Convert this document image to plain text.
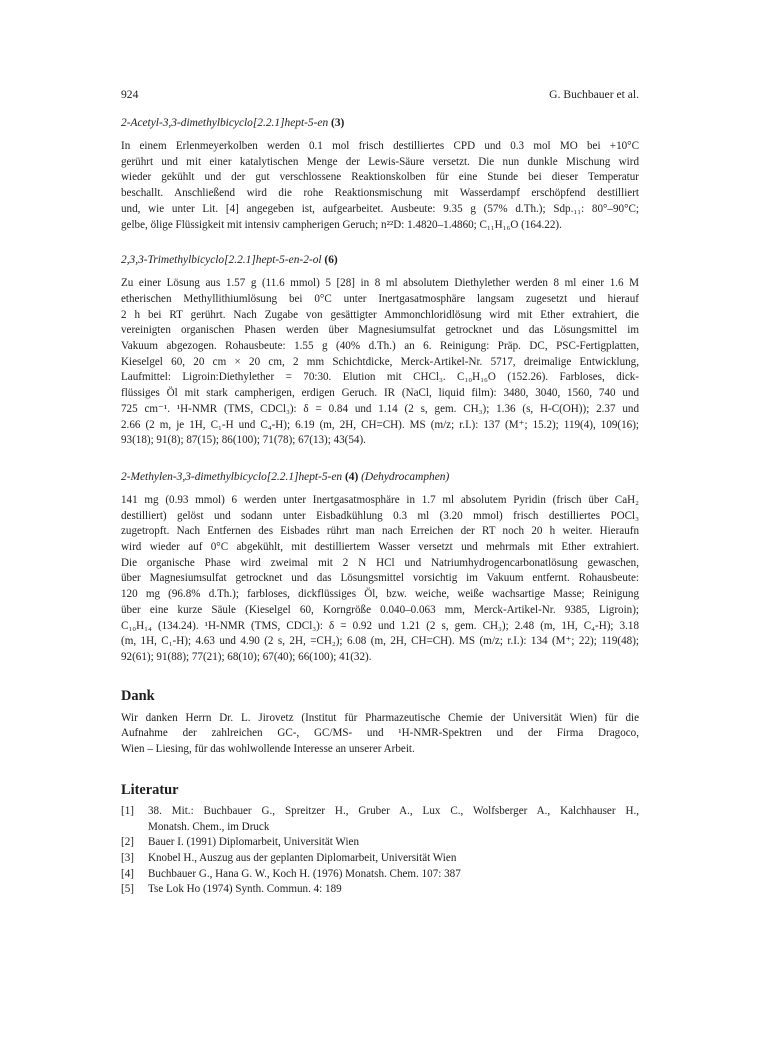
924	G. Buchbauer et al.

2-Acetyl-3,3-dimethylbicyclo[2.2.1]hept-5-en (3)

In einem Erlenmeyerkolben werden 0.1 mol frisch destilliertes CPD und 0.3 mol MO bei +10°C
gerührt und mit einer katalytischen Menge der Lewis-Säure versetzt. Die nun dunkle Mischung wird
wieder gekühlt und der gut verschlossene Reaktionskolben für eine Stunde bei dieser Temperatur
beschallt. Anschließend wird die rohe Reaktionsmischung mit Wasserdampf erschöpfend destilliert
und, wie unter Lit. [4] angegeben ist, aufgearbeitet. Ausbeute: 9.35 g (57% d.Th.); Sdp.₁₁: 80°–90°C;
gelbe, ölige Flüssigkeit mit intensiv campherigen Geruch; n²²D: 1.4820–1.4860; C₁₁H₁₆O (164.22).

2,3,3-Trimethylbicyclo[2.2.1]hept-5-en-2-ol (6)

Zu einer Lösung aus 1.57 g (11.6 mmol) 5 [28] in 8 ml absolutem Diethylether werden 8 ml einer 1.6 M
etherischen Methyllithiumlösung bei 0°C unter Inertgasatmosphäre langsam zugesetzt und hierauf
2 h bei RT gerührt. Nach Zugabe von gesättigter Ammonchloridlösung wird mit Ether extrahiert, die
vereinigten organischen Phasen werden über Magnesiumsulfat getrocknet und das Lösungsmittel im
Vakuum abgezogen. Rohausbeute: 1.55 g (40% d.Th.) an 6. Reinigung: Präp. DC, PSC-Fertigplatten,
Kieselgel 60, 20 cm × 20 cm, 2 mm Schichtdicke, Merck-Artikel-Nr. 5717, dreimalige Entwicklung,
Laufmittel: Ligroin:Diethylether = 70:30. Elution mit CHCl₃. C₁₀H₁₆O (152.26). Farbloses, dick-
flüssiges Öl mit stark campherigen, erdigen Geruch. IR (NaCl, liquid film): 3480, 3040, 1560, 740 und
725 cm⁻¹. ¹H-NMR (TMS, CDCl₃): δ = 0.84 und 1.14 (2 s, gem. CH₃); 1.36 (s, H-C(OH)); 2.37 und
2.66 (2 m, je 1H, C₁-H und C₄-H); 6.19 (m, 2H, CH=CH). MS (m/z; r.I.): 137 (M⁺; 15.2); 119(4), 109(16);
93(18); 91(8); 87(15); 86(100); 71(78); 67(13); 43(54).

2-Methylen-3,3-dimethylbicyclo[2.2.1]hept-5-en (4) (Dehydrocamphen)

141 mg (0.93 mmol) 6 werden unter Inertgasatmosphäre in 1.7 ml absolutem Pyridin (frisch über CaH₂
destilliert) gelöst und sodann unter Eisbadkühlung 0.3 ml (3.20 mmol) frisch destilliertes POCl₃
zugetropft. Nach Entfernen des Eisbades rührt man nach Erreichen der RT noch 20 h weiter. Hieraufn
wird wieder auf 0°C abgekühlt, mit destilliertem Wasser versetzt und mehrmals mit Ether extrahiert.
Die organische Phase wird zweimal mit 2 N HCl und Natriumhydrogencarbonatlösung gewaschen,
über Magnesiumsulfat getrocknet und das Lösungsmittel vorsichtig im Vakuum entfernt. Rohausbeute:
120 mg (96.8% d.Th.); farbloses, dickflüssiges Öl, bzw. weiche, weiße wachsartige Masse; Reinigung
über eine kurze Säule (Kieselgel 60, Korngröße 0.040–0.063 mm, Merck-Artikel-Nr. 9385, Ligroin);
C₁₀H₁₄ (134.24). ¹H-NMR (TMS, CDCl₃): δ = 0.92 und 1.21 (2 s, gem. CH₃); 2.48 (m, 1H, C₄-H); 3.18
(m, 1H, C₁-H); 4.63 und 4.90 (2 s, 2H, =CH₂); 6.08 (m, 2H, CH=CH). MS (m/z; r.I.): 134 (M⁺; 22); 119(48);
92(61); 91(88); 77(21); 68(10); 67(40); 66(100); 41(32).

Dank

Wir danken Herrn Dr. L. Jirovetz (Institut für Pharmazeutische Chemie der Universität Wien) für die
Aufnahme der zahlreichen GC-, GC/MS- und ¹H-NMR-Spektren und der Firma Dragoco,
Wien – Liesing, für das wohlwollende Interesse an unserer Arbeit.

Literatur

[1]	38. Mit.: Buchbauer G., Spreitzer H., Gruber A., Lux C., Wolfsberger A., Kalchhauser H.,
Monatsh. Chem., im Druck
[2]	Bauer I. (1991) Diplomarbeit, Universität Wien
[3]	Knobel H., Auszug aus der geplanten Diplomarbeit, Universität Wien
[4]	Buchbauer G., Hana G. W., Koch H. (1976) Monatsh. Chem. 107: 387
[5]	Tse Lok Ho (1974) Synth. Commun. 4: 189
